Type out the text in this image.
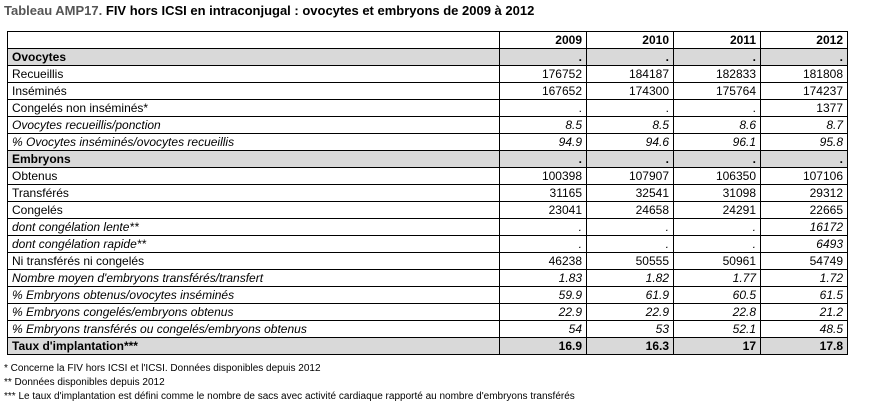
Tableau AMP17. FIV hors ICSI en intraconjugal : ovocytes et embryons de 2009 à 2012
	2009	2010	2011	2012
Ovocytes	.	.	.	.
Recueillis	176752	184187	182833	181808
Inséminés	167652	174300	175764	174237
Congelés non inséminés*	.	.	.	1377
Ovocytes recueillis/ponction	8.5	8.5	8.6	8.7
% Ovocytes inséminés/ovocytes recueillis	94.9	94.6	96.1	95.8
Embryons	.	.	.	.
Obtenus	100398	107907	106350	107106
Transférés	31165	32541	31098	29312
Congelés	23041	24658	24291	22665
dont congélation lente**	.	.	.	16172
dont congélation rapide**	.	.	.	6493
Ni transférés ni congelés	46238	50555	50961	54749
Nombre moyen d'embryons transférés/transfert	1.83	1.82	1.77	1.72
% Embryons obtenus/ovocytes inséminés	59.9	61.9	60.5	61.5
% Embryons congelés/embryons obtenus	22.9	22.9	22.8	21.2
% Embryons transférés ou congelés/embryons obtenus	54	53	52.1	48.5
Taux d'implantation***	16.9	16.3	17	17.8
* Concerne la FIV hors ICSI et l'ICSI. Données disponibles depuis 2012
** Données disponibles depuis 2012
*** Le taux d'implantation est défini comme le nombre de sacs avec activité cardiaque rapporté au nombre d'embryons transférés
